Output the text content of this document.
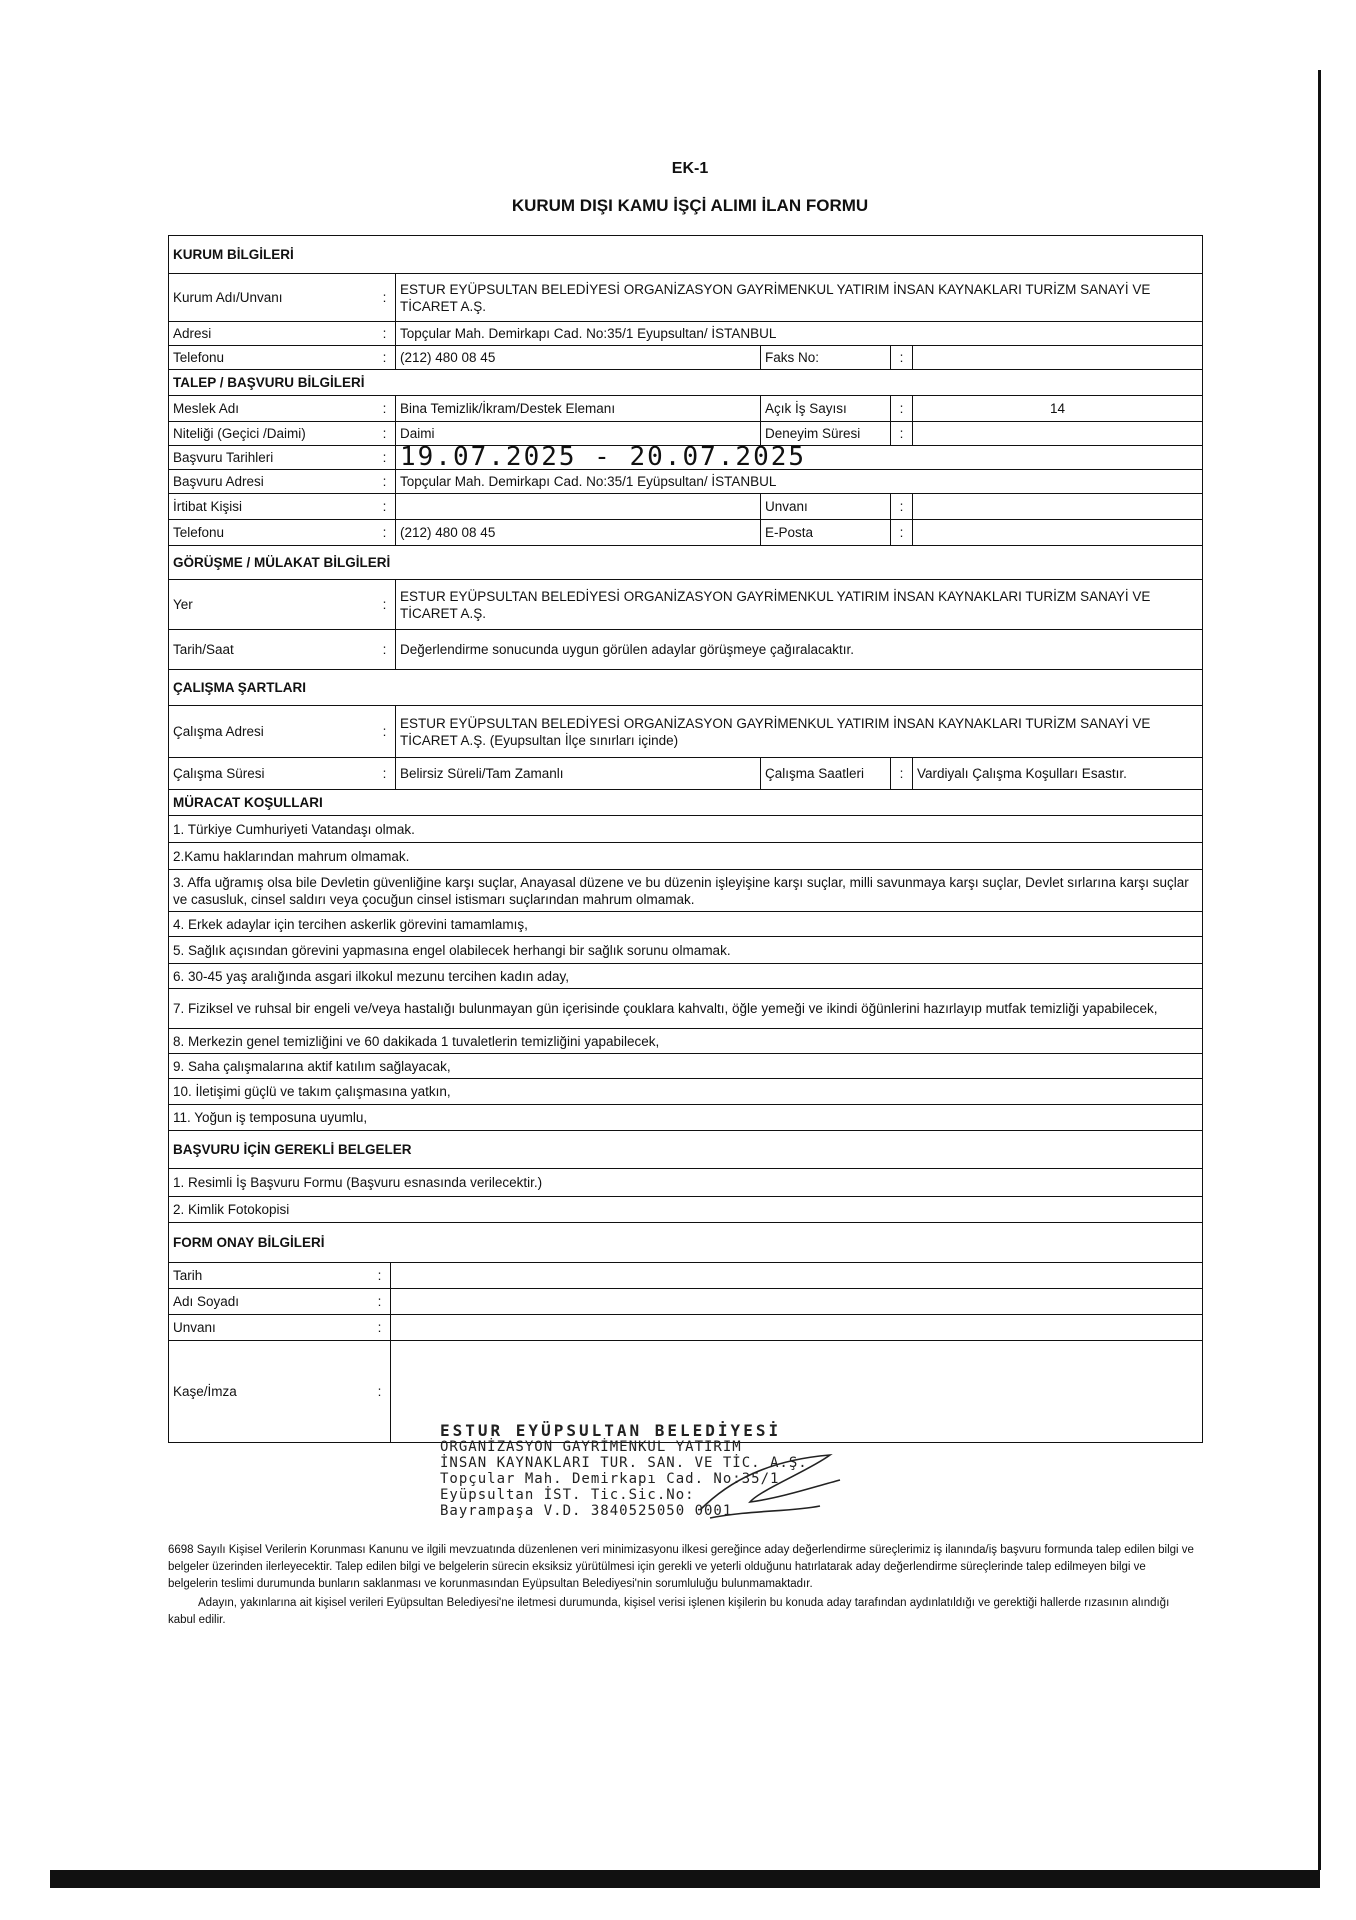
EK-1
KURUM DIŞI KAMU İŞÇİ ALIMI İLAN FORMU
KURUM BİLGİLERİ
Kurum Adı/Unvanı	:
ESTUR EYÜPSULTAN BELEDİYESİ ORGANİZASYON GAYRİMENKUL YATIRIM İNSAN KAYNAKLARI TURİZM SANAYİ VE TİCARET A.Ş.
Adresi	:	Topçular Mah. Demirkapı Cad. No:35/1 Eyupsultan/ İSTANBUL
Telefonu	:	(212) 480 08 45	Faks No:	:
TALEP / BAŞVURU BİLGİLERİ
Meslek Adı	:	Bina Temizlik/İkram/Destek Elemanı	Açık İş Sayısı	:	14
Niteliği (Geçici /Daimi)	:	Daimi	Deneyim Süresi	:
Başvuru Tarihleri	: 19.07.2025 - 20.07.2025
Başvuru Adresi	:	Topçular Mah. Demirkapı Cad. No:35/1 Eyüpsultan/ İSTANBUL
İrtibat Kişisi	:	Unvanı	:
Telefonu	:	(212) 480 08 45	E-Posta	:
GÖRÜŞME / MÜLAKAT BİLGİLERİ
Yer	:
ESTUR EYÜPSULTAN BELEDİYESİ ORGANİZASYON GAYRİMENKUL YATIRIM İNSAN KAYNAKLARI TURİZM SANAYİ VE TİCARET A.Ş.
Tarih/Saat	:	Değerlendirme sonucunda uygun görülen adaylar görüşmeye çağıralacaktır.
ÇALIŞMA ŞARTLARI
Çalışma Adresi	:
ESTUR EYÜPSULTAN BELEDİYESİ ORGANİZASYON GAYRİMENKUL YATIRIM İNSAN KAYNAKLARI TURİZM SANAYİ VE TİCARET A.Ş. (Eyupsultan İlçe sınırları içinde)
Çalışma Süresi	:	Belirsiz Süreli/Tam Zamanlı	Çalışma Saatleri	:	Vardiyalı Çalışma Koşulları Esastır.
MÜRACAT KOŞULLARI
1. Türkiye Cumhuriyeti Vatandaşı olmak.
2.Kamu haklarından mahrum olmamak.
3. Affa uğramış olsa bile Devletin güvenliğine karşı suçlar, Anayasal düzene ve bu düzenin işleyişine karşı suçlar, milli savunmaya karşı suçlar, Devlet sırlarına karşı suçlar ve casusluk, cinsel saldırı veya çocuğun cinsel istismarı suçlarından mahrum olmamak.
4. Erkek adaylar için tercihen askerlik görevini tamamlamış,
5. Sağlık açısından görevini yapmasına engel olabilecek herhangi bir sağlık sorunu olmamak.
6. 30-45 yaş aralığında asgari ilkokul mezunu tercihen kadın aday,
7. Fiziksel ve ruhsal bir engeli ve/veya hastalığı bulunmayan gün içerisinde çouklara kahvaltı, öğle yemeği ve ikindi öğünlerini hazırlayıp mutfak temizliği yapabilecek,
8. Merkezin genel temizliğini ve 60 dakikada 1 tuvaletlerin temizliğini yapabilecek,
9. Saha çalışmalarına aktif katılım sağlayacak,
10. İletişimi güçlü ve takım çalışmasına yatkın,
11. Yoğun iş temposuna uyumlu,
BAŞVURU İÇİN GEREKLİ BELGELER
1. Resimli İş Başvuru Formu (Başvuru esnasında verilecektir.)
2. Kimlik Fotokopisi
FORM ONAY BİLGİLERİ
Tarih	:
Adı Soyadı	:
Unvanı	:
Kaşe/İmza	:
ESTUR EYÜPSULTAN BELEDİYESİ
ORGANİZASYON GAYRİMENKUL YATIRIM
İNSAN KAYNAKLARI TUR. SAN. VE TİC. A.Ş.
Topçular Mah. Demirkapı Cad. No:35/1
Eyüpsultan İST. Tic.Sic.No:
Bayrampaşa V.D. 3840525050 0001

6698 Sayılı Kişisel Verilerin Korunması Kanunu ve ilgili mevzuatında düzenlenen veri minimizasyonu ilkesi gereğince aday değerlendirme süreçlerimiz iş ilanında/iş başvuru formunda talep edilen bilgi ve belgeler üzerinden ilerleyecektir. Talep edilen bilgi ve belgelerin sürecin eksiksiz yürütülmesi için gerekli ve yeterli olduğunu hatırlatarak aday değerlendirme süreçlerinde talep edilmeyen bilgi ve belgelerin teslimi durumunda bunların saklanması ve korunmasından Eyüpsultan Belediyesi'nin sorumluluğu bulunmamaktadır.

Adayın, yakınlarına ait kişisel verileri Eyüpsultan Belediyesi'ne iletmesi durumunda, kişisel verisi işlenen kişilerin bu konuda aday tarafından aydınlatıldığı ve gerektiği hallerde rızasının alındığı kabul edilir.
